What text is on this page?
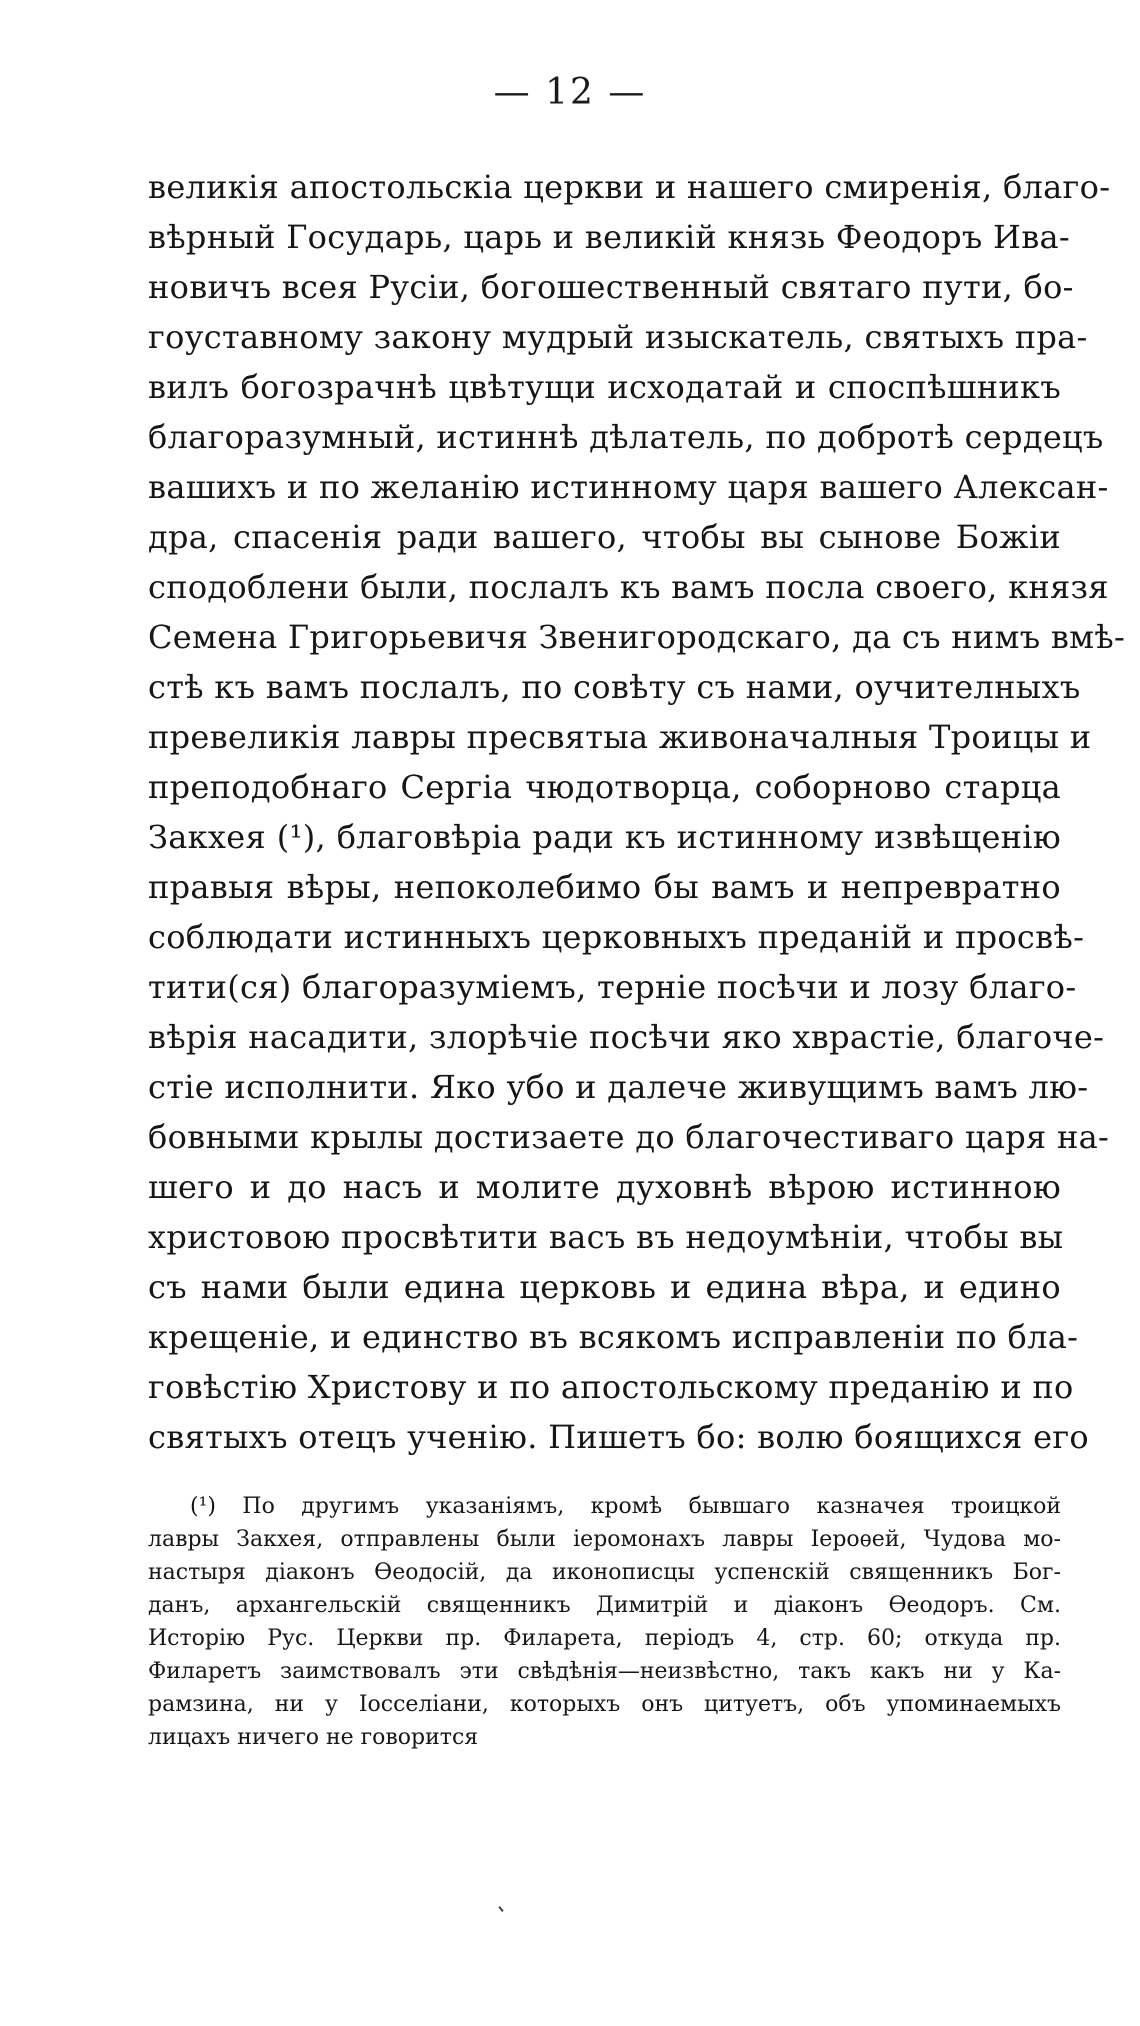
— 12 —
великія апостольскіа церкви и нашего смиренія, благо-
вѣрный Государь, царь и великій князь Феодоръ Ива-
новичъ всея Русіи, богошественный святаго пути, бо-
гоуставному закону мудрый изыскатель, святыхъ пра-
вилъ богозрачнѣ цвѣтущи исходатай и споспѣшникъ
благоразумный, истиннѣ дѣлатель, по добротѣ сердецъ
вашихъ и по желанію истинному царя вашего Алексан-
дра, спасенія ради вашего, чтобы вы сынове Божіи
сподоблени были, послалъ къ вамъ посла своего, князя
Семена Григорьевичя Звенигородскаго, да съ нимъ вмѣ-
стѣ къ вамъ послалъ, по совѣту съ нами, оучителныхъ
превеликія лавры пресвятыа живоначалныя Троицы и
преподобнаго Сергіа чюдотворца, соборново старца
Закхея (¹), благовѣріа ради къ истинному извѣщенію
правыя вѣры, непоколебимо бы вамъ и непревратно
соблюдати истинныхъ церковныхъ преданій и просвѣ-
тити(ся) благоразуміемъ, терніе посѣчи и лозу благо-
вѣрія насадити, злорѣчіе посѣчи яко хврастіе, благоче-
стіе исполнити. Яко убо и далече живущимъ вамъ лю-
бовными крылы достизаете до благочестиваго царя на-
шего и до насъ и молите духовнѣ вѣрою истинною
христовою просвѣтити васъ въ недоумѣніи, чтобы вы
съ нами были едина церковь и едина вѣра, и едино
крещеніе, и единство въ всякомъ исправленіи по бла-
говѣстію Христову и по апостольскому преданію и по
святыхъ отецъ ученію. Пишетъ бо: волю боящихся его
(¹) По другимъ указаніямъ, кромѣ бывшаго казначея троицкой
лавры Закхея, отправлены были іеромонахъ лавры Іероѳей, Чудова мо-
настыря діаконъ Ѳеодосій, да иконописцы успенскій священникъ Бог-
данъ, архангельскій священникъ Димитрій и діаконъ Ѳеодоръ. См.
Исторію Рус. Церкви пр. Филарета, періодъ 4, стр. 60; откуда пр.
Филаретъ заимствовалъ эти свѣдѣнія—неизвѣстно, такъ какъ ни у Ка-
рамзина, ни у Іосселіани, которыхъ онъ цитуетъ, объ упоминаемыхъ
лицахъ ничего не говорится
